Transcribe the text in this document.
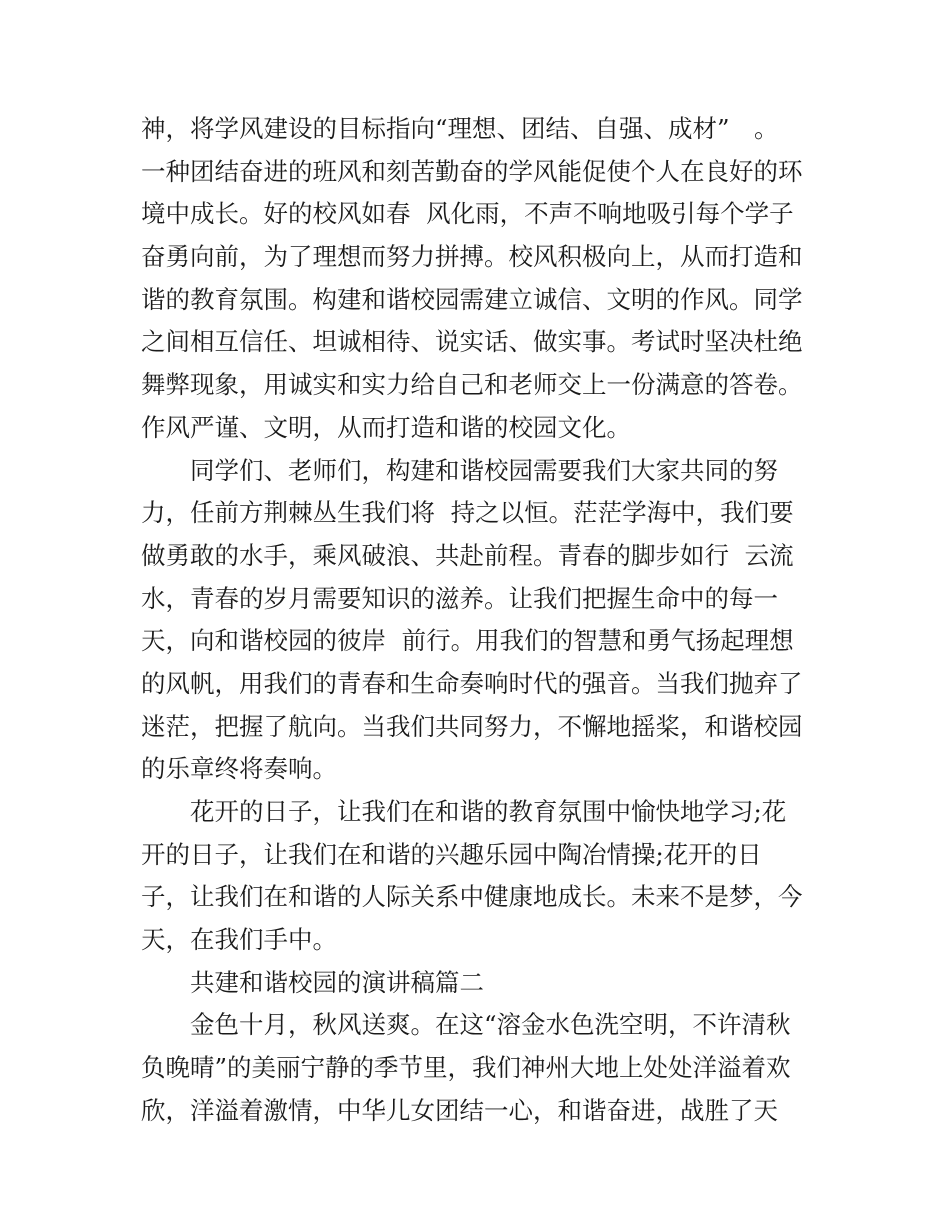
神，将学风建设的目标指向“理想、团结、自强、成材”　。
一种团结奋进的班风和刻苦勤奋的学风能促使个人在良好的环
境中成长。好的校风如春  风化雨，不声不响地吸引每个学子
奋勇向前，为了理想而努力拼搏。校风积极向上，从而打造和
谐的教育氛围。构建和谐校园需建立诚信、文明的作风。同学
之间相互信任、坦诚相待、说实话、做实事。考试时坚决杜绝
舞弊现象，用诚实和实力给自己和老师交上一份满意的答卷。
作风严谨、文明，从而打造和谐的校园文化。
同学们、老师们，构建和谐校园需要我们大家共同的努
力，任前方荆棘丛生我们将  持之以恒。茫茫学海中，我们要
做勇敢的水手，乘风破浪、共赴前程。青春的脚步如行  云流
水，青春的岁月需要知识的滋养。让我们把握生命中的每一
天，向和谐校园的彼岸  前行。用我们的智慧和勇气扬起理想
的风帆，用我们的青春和生命奏响时代的强音。当我们抛弃了
迷茫，把握了航向。当我们共同努力，不懈地摇桨，和谐校园
的乐章终将奏响。
花开的日子，让我们在和谐的教育氛围中愉快地学习;花
开的日子，让我们在和谐的兴趣乐园中陶冶情操;花开的日
子，让我们在和谐的人际关系中健康地成长。未来不是梦，今
天，在我们手中。
共建和谐校园的演讲稿篇二
金色十月，秋风送爽。在这“溶金水色洗空明，不许清秋
负晚晴”的美丽宁静的季节里，我们神州大地上处处洋溢着欢
欣，洋溢着激情，中华儿女团结一心，和谐奋进，战胜了天
